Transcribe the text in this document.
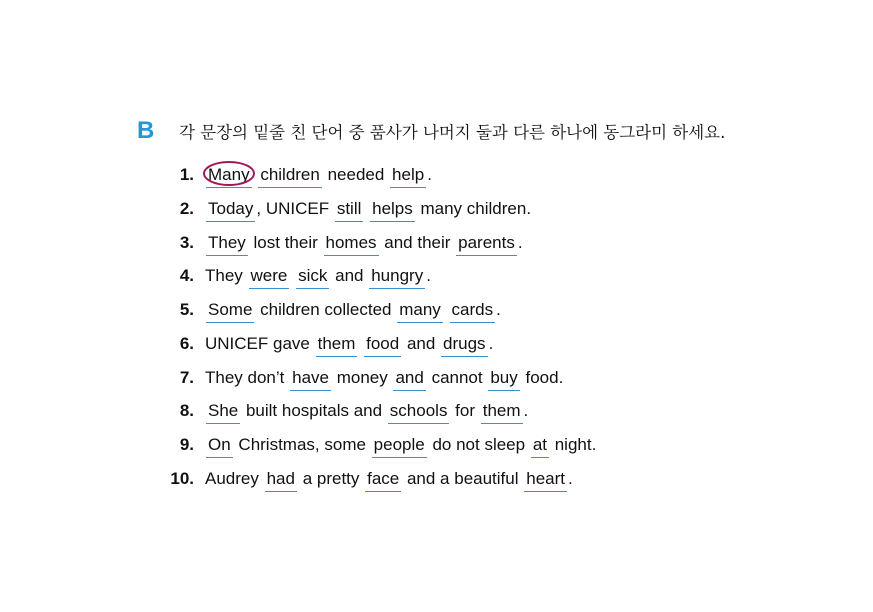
B 각 문장의 밑줄 친 단어 중 품사가 나머지 둘과 다른 하나에 동그라미 하세요.
1. Many children needed help .
2. Today , UNICEF still helps many children.
3. They lost their homes and their parents .
4. They were sick and hungry .
5. Some children collected many cards .
6. UNICEF gave them food and drugs .
7. They don’t have money and cannot buy food.
8. She built hospitals and schools for them .
9. On Christmas, some people do not sleep at night.
10. Audrey had a pretty face and a beautiful heart .
